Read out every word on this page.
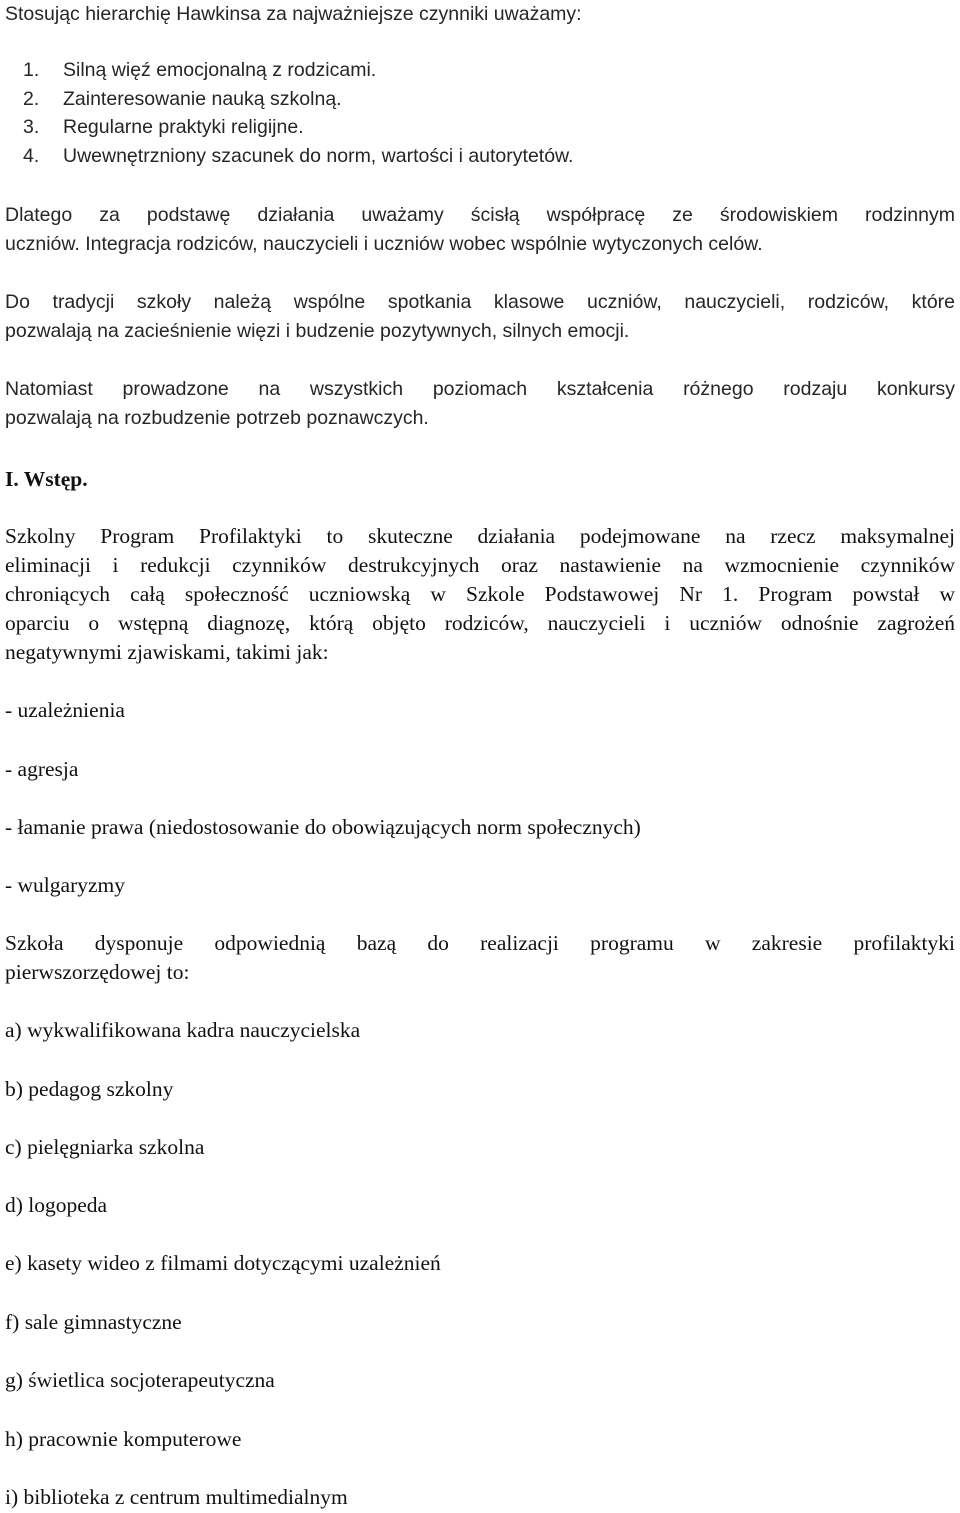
Stosując hierarchię Hawkinsa za najważniejsze czynniki uważamy:
1. Silną więź emocjonalną z rodzicami.
2. Zainteresowanie nauką szkolną.
3. Regularne praktyki religijne.
4. Uwewnętrzniony szacunek do norm, wartości i autorytetów.
Dlatego za podstawę działania uważamy ścisłą współpracę ze środowiskiem rodzinnym
uczniów. Integracja rodziców, nauczycieli i uczniów wobec wspólnie wytyczonych celów.
Do tradycji szkoły należą wspólne spotkania klasowe uczniów, nauczycieli, rodziców, które
pozwalają na zacieśnienie więzi i budzenie pozytywnych, silnych emocji.
Natomiast prowadzone na wszystkich poziomach kształcenia różnego rodzaju konkursy
pozwalają na rozbudzenie potrzeb poznawczych.
I. Wstęp.
Szkolny Program Profilaktyki to skuteczne działania podejmowane na rzecz maksymalnej
eliminacji i redukcji czynników destrukcyjnych oraz nastawienie na wzmocnienie czynników
chroniących całą społeczność uczniowską w Szkole Podstawowej Nr 1. Program powstał w
oparciu o wstępną diagnozę, którą objęto rodziców, nauczycieli i uczniów odnośnie zagrożeń
negatywnymi zjawiskami, takimi jak:
- uzależnienia
- agresja
- łamanie prawa (niedostosowanie do obowiązujących norm społecznych)
- wulgaryzmy
Szkoła dysponuje odpowiednią bazą do realizacji programu w zakresie profilaktyki
pierwszorzędowej to:
a) wykwalifikowana kadra nauczycielska
b) pedagog szkolny
c) pielęgniarka szkolna
d) logopeda
e) kasety wideo z filmami dotyczącymi uzależnień
f) sale gimnastyczne
g) świetlica socjoterapeutyczna
h) pracownie komputerowe
i) biblioteka z centrum multimedialnym
